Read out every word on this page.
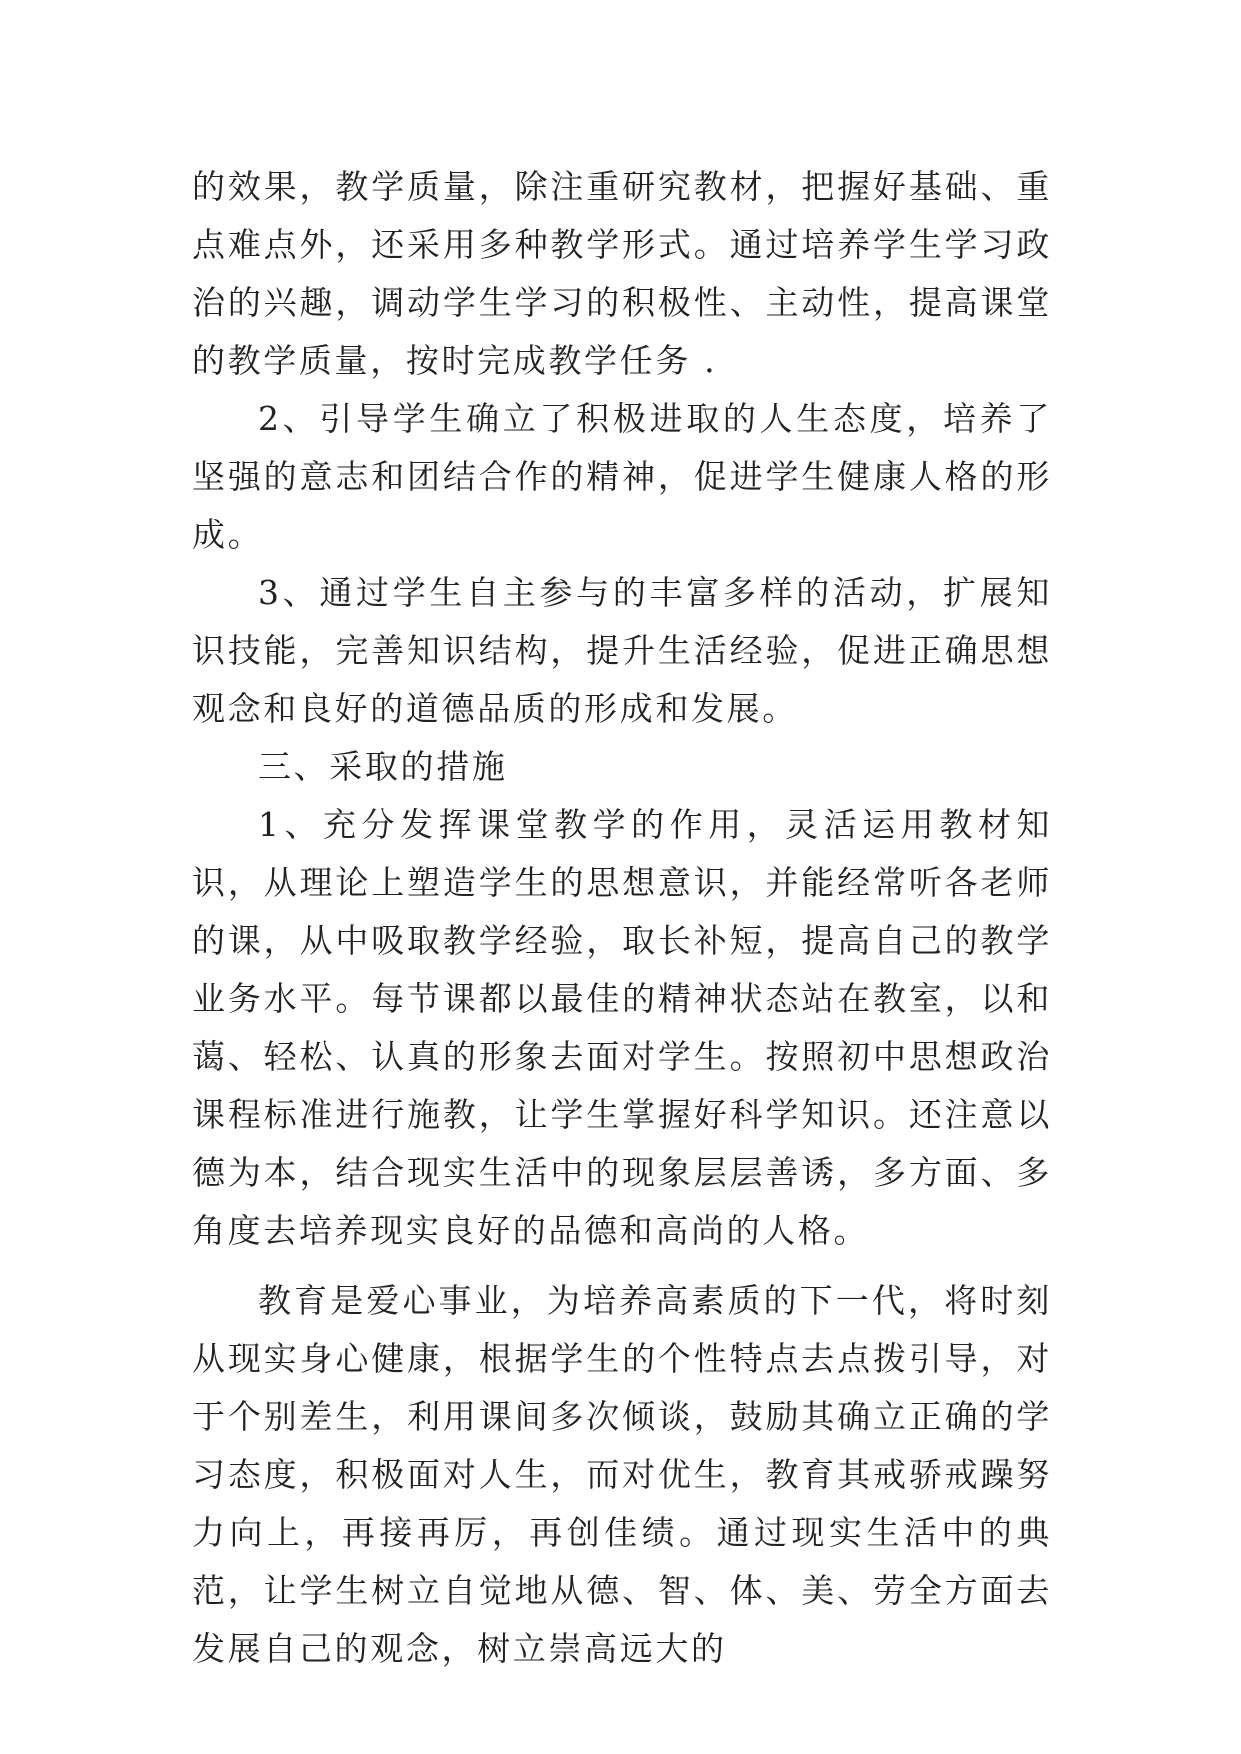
的效果，教学质量，除注重研究教材，把握好基础、重点难点外，还采用多种教学形式。通过培养学生学习政治的兴趣，调动学生学习的积极性、主动性，提高课堂的教学质量，按时完成教学任务 .

2、引导学生确立了积极进取的人生态度，培养了坚强的意志和团结合作的精神，促进学生健康人格的形成。

3、通过学生自主参与的丰富多样的活动，扩展知识技能，完善知识结构，提升生活经验，促进正确思想观念和良好的道德品质的形成和发展。

三、采取的措施

1、充分发挥课堂教学的作用，灵活运用教材知识，从理论上塑造学生的思想意识，并能经常听各老师的课，从中吸取教学经验，取长补短，提高自己的教学业务水平。每节课都以最佳的精神状态站在教室，以和蔼、轻松、认真的形象去面对学生。按照初中思想政治课程标准进行施教，让学生掌握好科学知识。还注意以德为本，结合现实生活中的现象层层善诱，多方面、多角度去培养现实良好的品德和高尚的人格。

教育是爱心事业，为培养高素质的下一代，将时刻从现实身心健康，根据学生的个性特点去点拨引导，对于个别差生，利用课间多次倾谈，鼓励其确立正确的学习态度，积极面对人生，而对优生，教育其戒骄戒躁努力向上，再接再厉，再创佳绩。通过现实生活中的典范，让学生树立自觉地从德、智、体、美、劳全方面去发展自己的观念，树立崇高远大的
